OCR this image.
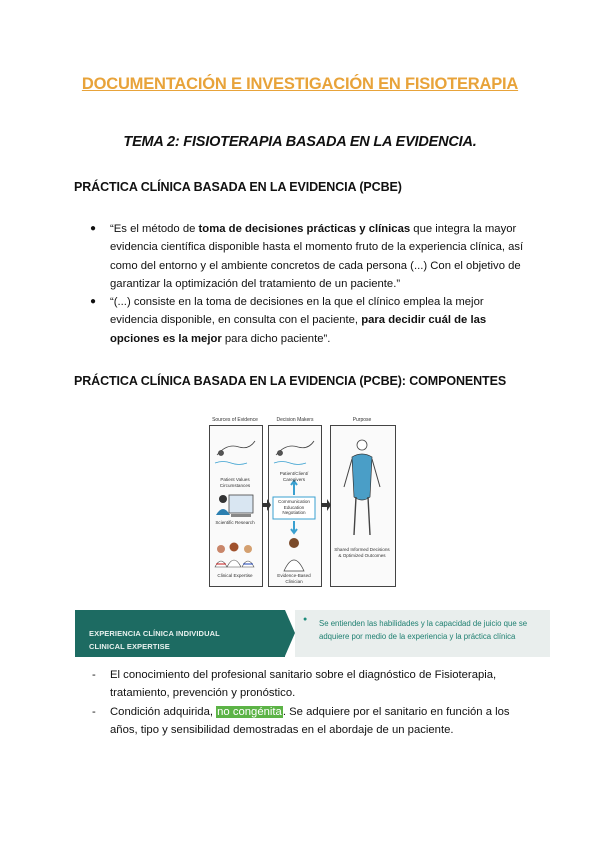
DOCUMENTACIÓN E INVESTIGACIÓN EN FISIOTERAPIA
TEMA 2: FISIOTERAPIA BASADA EN LA EVIDENCIA.
PRÁCTICA CLÍNICA BASADA EN LA EVIDENCIA (PCBE)
● “Es el método de toma de decisiones prácticas y clínicas que integra la mayor evidencia científica disponible hasta el momento fruto de la experiencia clínica, así como del entorno y el ambiente concretos de cada persona (...) Con el objetivo de garantizar la optimización del tratamiento de un paciente.”
● “(...) consiste en la toma de decisiones en la que el clínico emplea la mejor evidencia disponible, en consulta con el paciente, para decidir cuál de las opciones es la mejor para dicho paciente”.
PRÁCTICA CLÍNICA BASADA EN LA EVIDENCIA (PCBE): COMPONENTES
Sources of Evidence	Decision Makers	Purpose
Patient Values Circumstances
Scientific Research
Clinical Expertise
Patient/Client/ Caregivers
Communication Education Negotiation
Evidence-Based Clinician
Shared Informed Decisions & Optimized Outcomes
EXPERIENCIA CLÍNICA INDIVIDUAL
CLINICAL EXPERTISE
● Se entienden las habilidades y la capacidad de juicio que se adquiere por medio de la experiencia y la práctica clínica
- El conocimiento del profesional sanitario sobre el diagnóstico de Fisioterapia, tratamiento, prevención y pronóstico.
- Condición adquirida, no congénita. Se adquiere por el sanitario en función a los años, tipo y sensibilidad demostradas en el abordaje de un paciente.
